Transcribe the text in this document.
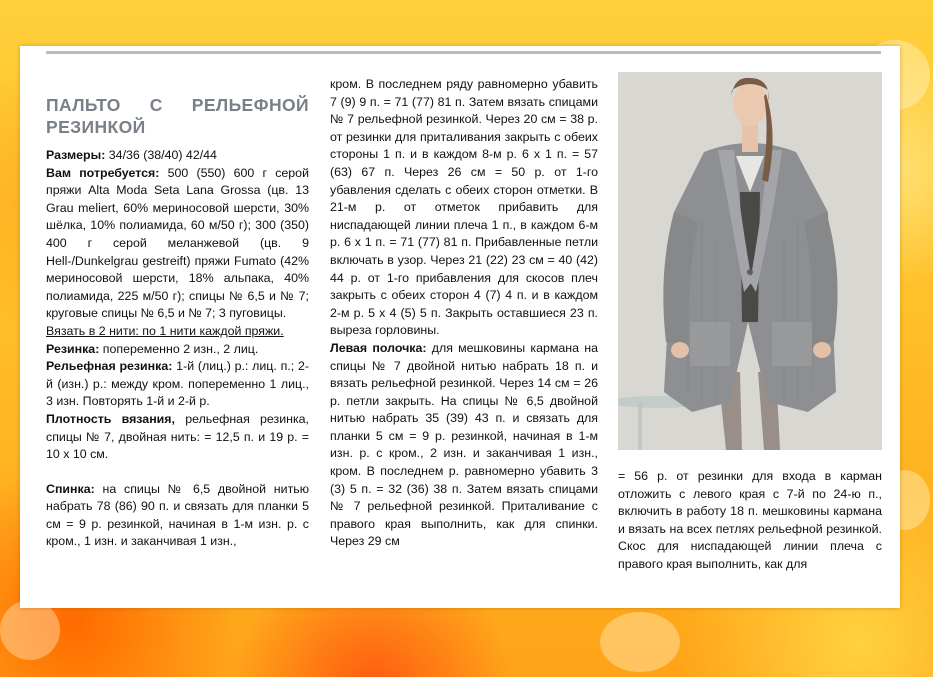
ПАЛЬТО С РЕЛЬЕФНОЙ РЕЗИНКОЙ

Размеры: 34/36 (38/40) 42/44

Вам потребуется: 500 (550) 600 г серой пряжи Alta Moda Seta Lana Grossa (цв. 13 Grau meliert, 60% мериносовой шерсти, 30% шёлка, 10% полиамида, 60 м/50 г); 300 (350) 400 г серой меланжевой (цв. 9 Hell-/Dunkelgrau gestreift) пряжи Fumato (42% мериносовой шерсти, 18% альпака, 40% полиамида, 225 м/50 г); спицы № 6,5 и № 7; круговые спицы № 6,5 и № 7; 3 пуговицы.

Вязать в 2 нити: по 1 нити каждой пряжи.

Резинка: попеременно 2 изн., 2 лиц.

Рельефная резинка: 1-й (лиц.) р.: лиц. п.; 2-й (изн.) р.: между кром. попеременно 1 лиц., 3 изн. Повторять 1-й и 2-й р.

Плотность вязания, рельефная резинка, спицы № 7, двойная нить: = 12,5 п. и 19 р. = 10 х 10 см.

Спинка: на спицы № 6,5 двойной нитью набрать 78 (86) 90 п. и связать для планки 5 см = 9 р. резинкой, начиная в 1-м изн. р. с кром., 1 изн. и заканчивая 1 изн.,

кром. В последнем ряду равномерно убавить 7 (9) 9 п. = 71 (77) 81 п. Затем вязать спицами № 7 рельефной резинкой. Через 20 см = 38 р. от резинки для приталивания закрыть с обеих стороны 1 п. и в каждом 8-м р. 6 х 1 п. = 57 (63) 67 п. Через 26 см = 50 р. от 1-го убавления сделать с обеих сторон отметки. В 21-м р. от отметок прибавить для ниспадающей линии плеча 1 п., в каждом 6-м р. 6 х 1 п. = 71 (77) 81 п. Прибавленные петли включать в узор. Через 21 (22) 23 см = 40 (42) 44 р. от 1-го прибавления для скосов плеч закрыть с обеих сторон 4 (7) 4 п. и в каждом 2-м р. 5 х 4 (5) 5 п. Закрыть оставшиеся 23 п. выреза горловины.

Левая полочка: для мешковины кармана на спицы № 7 двойной нитью набрать 18 п. и вязать рельефной резинкой. Через 14 см = 26 р. петли закрыть. На спицы № 6,5 двойной нитью набрать 35 (39) 43 п. и связать для планки 5 см = 9 р. резинкой, начиная в 1-м изн. р. с кром., 2 изн. и заканчивая 1 изн., кром. В последнем р. равномерно убавить 3 (3) 5 п. = 32 (36) 38 п. Затем вязать спицами № 7 рельефной резинкой. Приталивание с правого края выполнить, как для спинки. Через 29 см

= 56 р. от резинки для входа в карман отложить с левого края с 7-й по 24-ю п., включить в работу 18 п. мешковины кармана и вязать на всех петлях рельефной резинкой. Скос для ниспадающей линии плеча с правого края выполнить, как для
